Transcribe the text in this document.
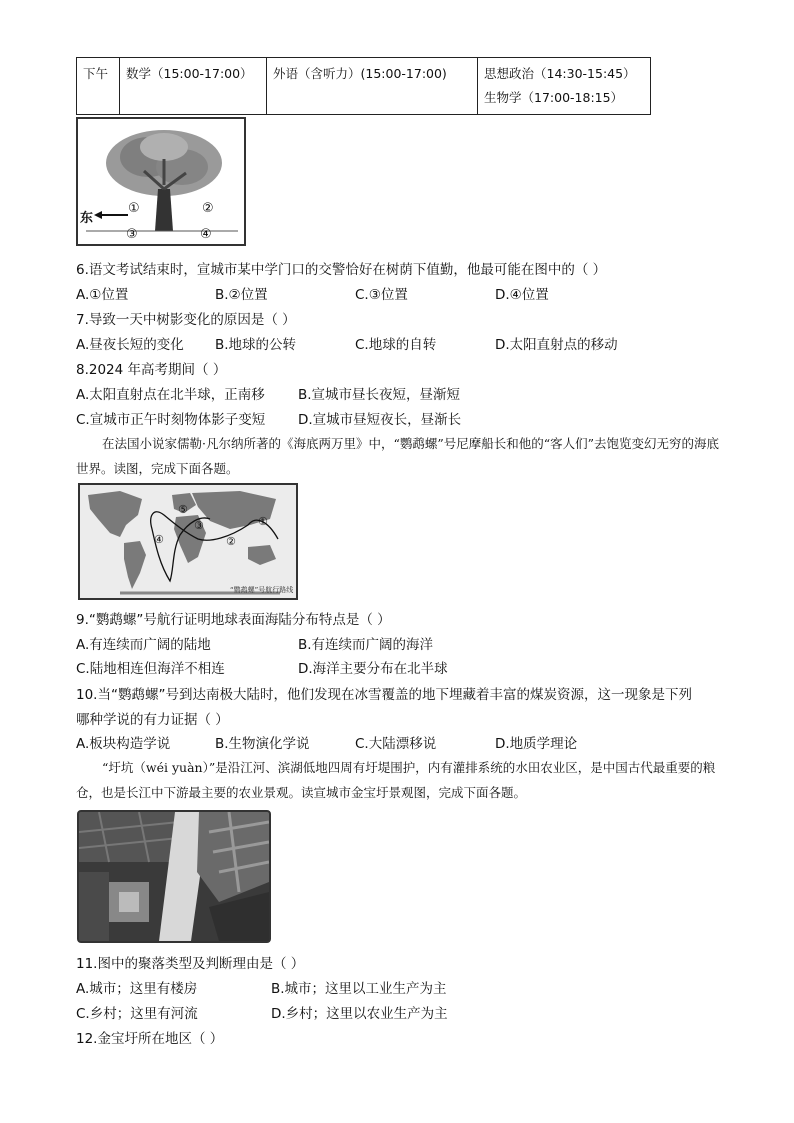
下午	数学（15:00-17:00）	外语（含听力）(15:00-17:00)	思想政治（14:30-15:45）
生物学（17:00-18:15）
东
①	②
③	④
6.语文考试结束时，宣城市某中学门口的交警恰好在树荫下值勤，他最可能在图中的（ ）
A.①位置	B.②位置	C.③位置	D.④位置
7.导致一天中树影变化的原因是（ ）
A.昼夜长短的变化 B.地球的公转	C.地球的自转	D.太阳直射点的移动
8.2024 年高考期间（ ）
A.太阳直射点在北半球，正南移 B.宣城市昼长夜短，昼渐短
C.宣城市正午时刻物体影子变短 D.宣城市昼短夜长，昼渐长
在法国小说家儒勒·凡尔纳所著的《海底两万里》中，“鹦鹉螺”号尼摩船长和他的“客人们”去饱览变幻无穷的海底世界。读图，完成下面各题。
①
②
③
④
⑤
“鹦鹉螺”号航行路线
9.“鹦鹉螺”号航行证明地球表面海陆分布特点是（ ）
A.有连续而广阔的陆地	B.有连续而广阔的海洋
C.陆地相连但海洋不相连	D.海洋主要分布在北半球
10.当“鹦鹉螺”号到达南极大陆时，他们发现在冰雪覆盖的地下埋藏着丰富的煤炭资源，这一现象是下列
哪种学说的有力证据（ ）
A.板块构造学说	B.生物演化学说	C.大陆漂移说	D.地质学理论
“圩坑（wéi yuàn）”是沿江河、滨湖低地四周有圩堤围护，内有灌排系统的水田农业区，是中国古代最重要的粮仓，也是长江中下游最主要的农业景观。读宣城市金宝圩景观图，完成下面各题。
11.图中的聚落类型及判断理由是（ ）
A.城市；这里有楼房	B.城市；这里以工业生产为主
C.乡村；这里有河流	D.乡村；这里以农业生产为主
12.金宝圩所在地区（ ）
